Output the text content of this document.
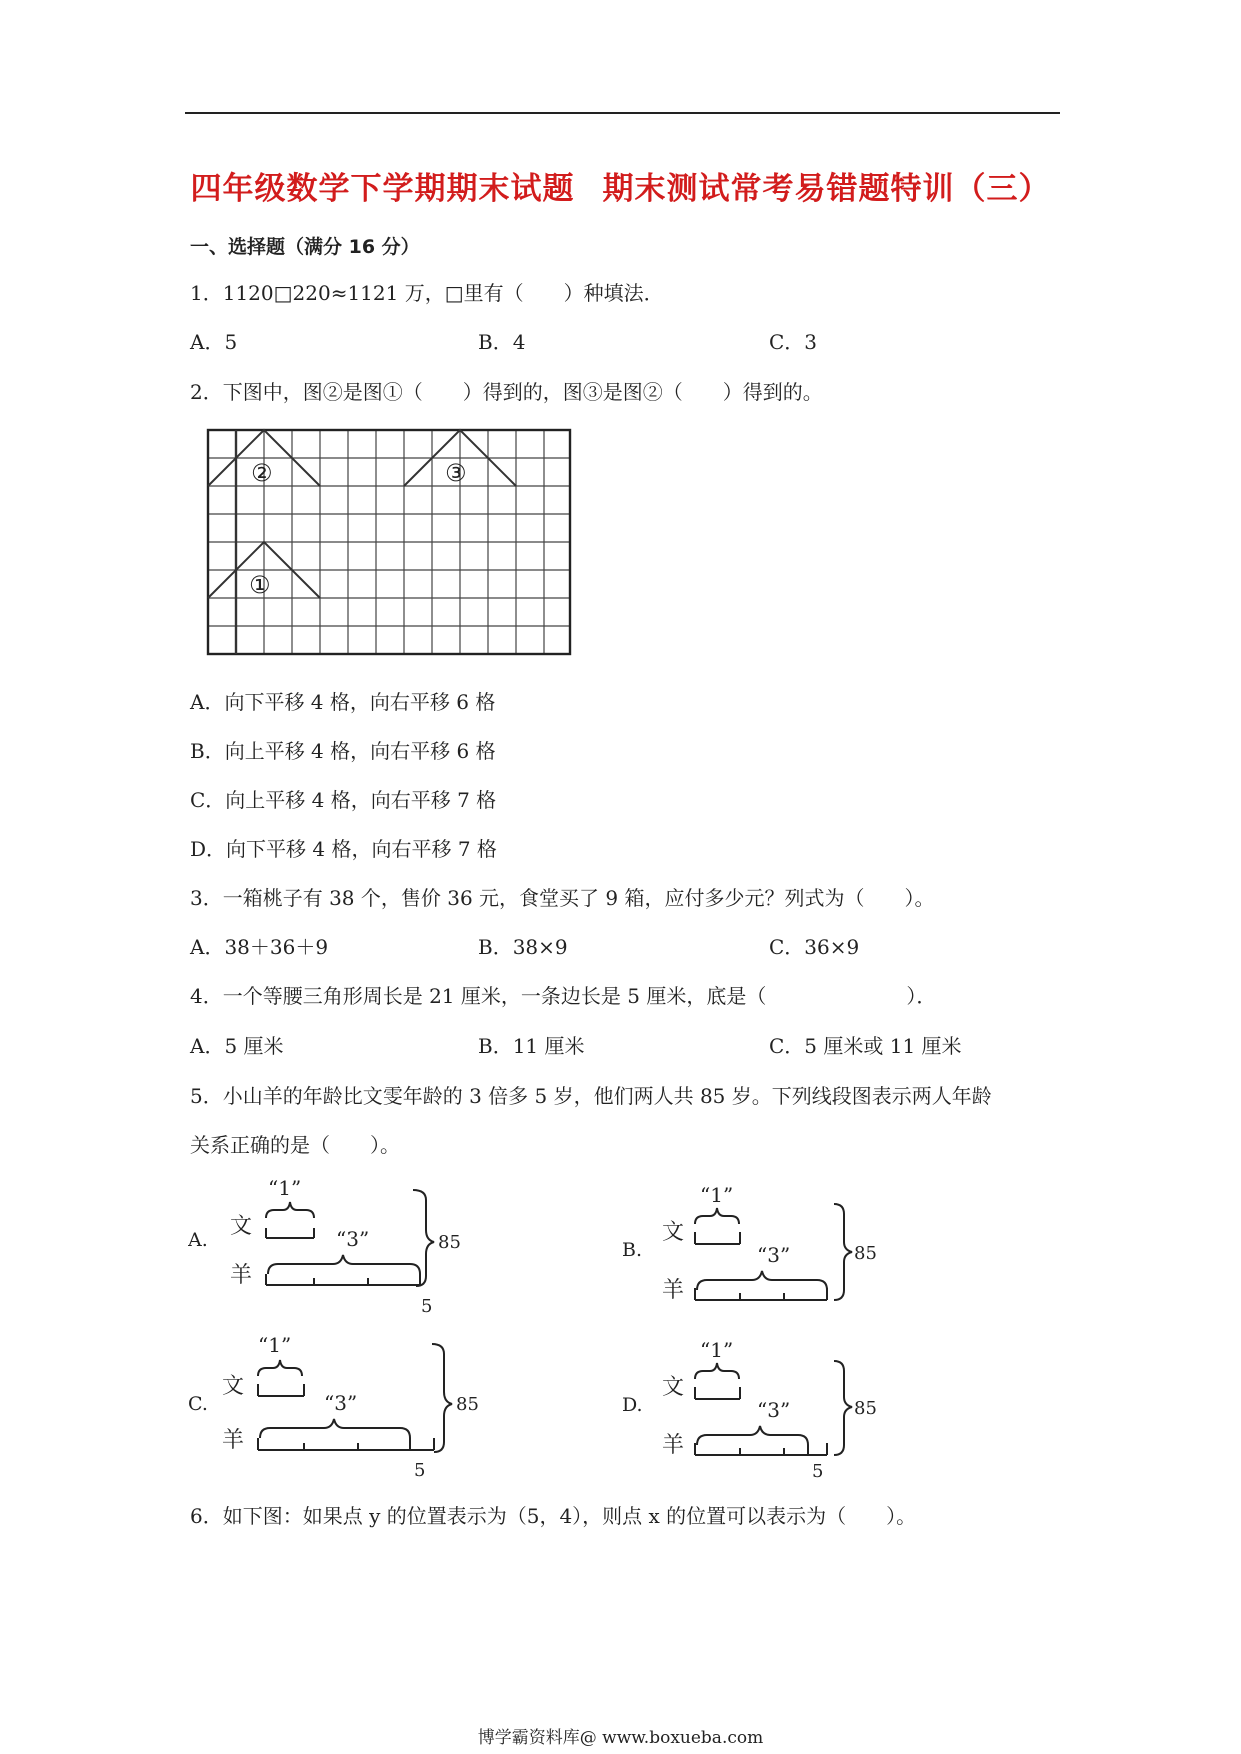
四年级数学下学期期末试题 期末测试常考易错题特训（三）
一、选择题（满分 16 分）
1．1120□220≈1121 万，□里有（　　）种填法．
A．5	B．4	C．3
2．下图中，图②是图①（　　）得到的，图③是图②（　　）得到的。
②	③
①
A．向下平移 4 格，向右平移 6 格
B．向上平移 4 格，向右平移 6 格
C．向上平移 4 格，向右平移 7 格
D．向下平移 4 格，向右平移 7 格
3．一箱桃子有 38 个，售价 36 元，食堂买了 9 箱，应付多少元？列式为（　　）。
A．38＋36＋9	B．38×9	C．36×9
4．一个等腰三角形周长是 21 厘米，一条边长是 5 厘米，底是（　　　　　　　）．
A．5 厘米	B．11 厘米	C．5 厘米或 11 厘米
5．小山羊的年龄比文雯年龄的 3 倍多 5 岁，他们两人共 85 岁。下列线段图表示两人年龄
关系正确的是（　　）。
A.
文
羊
“1”
“3”
5
85	B.
文
羊
“1”
“3”	85
C.
文
羊
“1”
“3”
5
85	D.
文
羊
“1”
“3”
5
85
6．如下图：如果点 y 的位置表示为（5，4），则点 x 的位置可以表示为（　　）。
博学霸资料库@ www.boxueba.com
